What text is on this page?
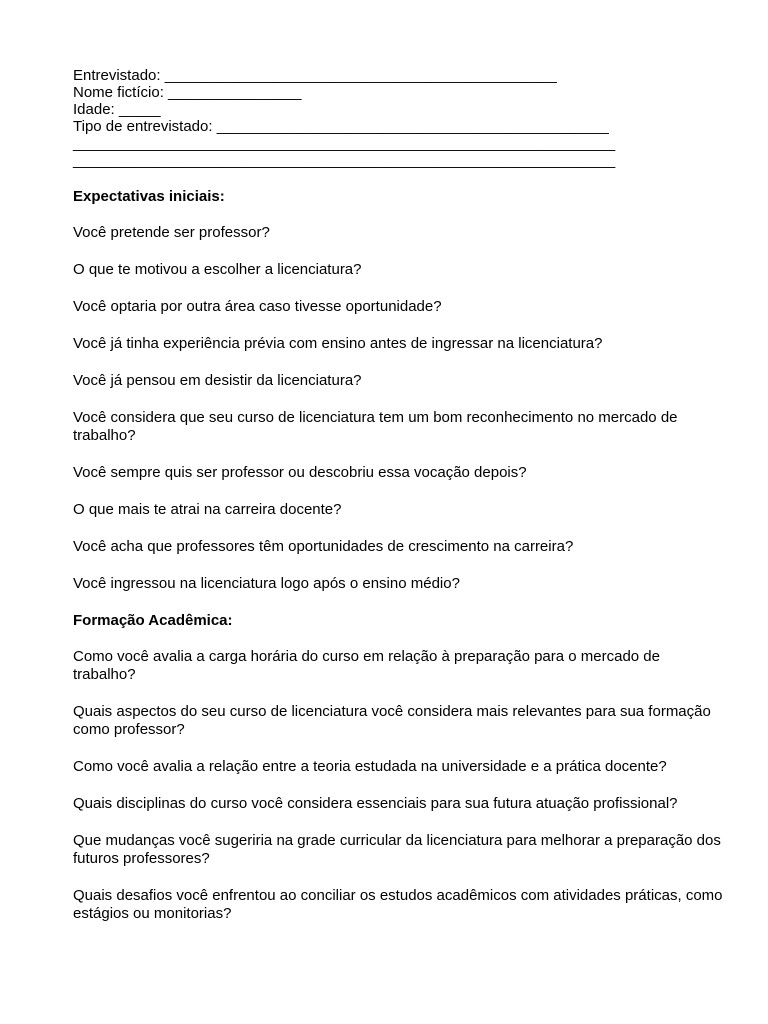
Entrevistado: _______________________________________________
Nome fictício: ________________
Idade: _____
Tipo de entrevistado: _______________________________________________
_________________________________________________________________
_________________________________________________________________
Expectativas iniciais:

Você pretende ser professor?

O que te motivou a escolher a licenciatura?

Você optaria por outra área caso tivesse oportunidade?

Você já tinha experiência prévia com ensino antes de ingressar na licenciatura?

Você já pensou em desistir da licenciatura?

Você considera que seu curso de licenciatura tem um bom reconhecimento no mercado de trabalho?

Você sempre quis ser professor ou descobriu essa vocação depois?

O que mais te atrai na carreira docente?

Você acha que professores têm oportunidades de crescimento na carreira?

Você ingressou na licenciatura logo após o ensino médio?

Formação Acadêmica:

Como você avalia a carga horária do curso em relação à preparação para o mercado de trabalho?

Quais aspectos do seu curso de licenciatura você considera mais relevantes para sua formação como professor?

Como você avalia a relação entre a teoria estudada na universidade e a prática docente?

Quais disciplinas do curso você considera essenciais para sua futura atuação profissional?

Que mudanças você sugeriria na grade curricular da licenciatura para melhorar a preparação dos futuros professores?

Quais desafios você enfrentou ao conciliar os estudos acadêmicos com atividades práticas, como estágios ou monitorias?
